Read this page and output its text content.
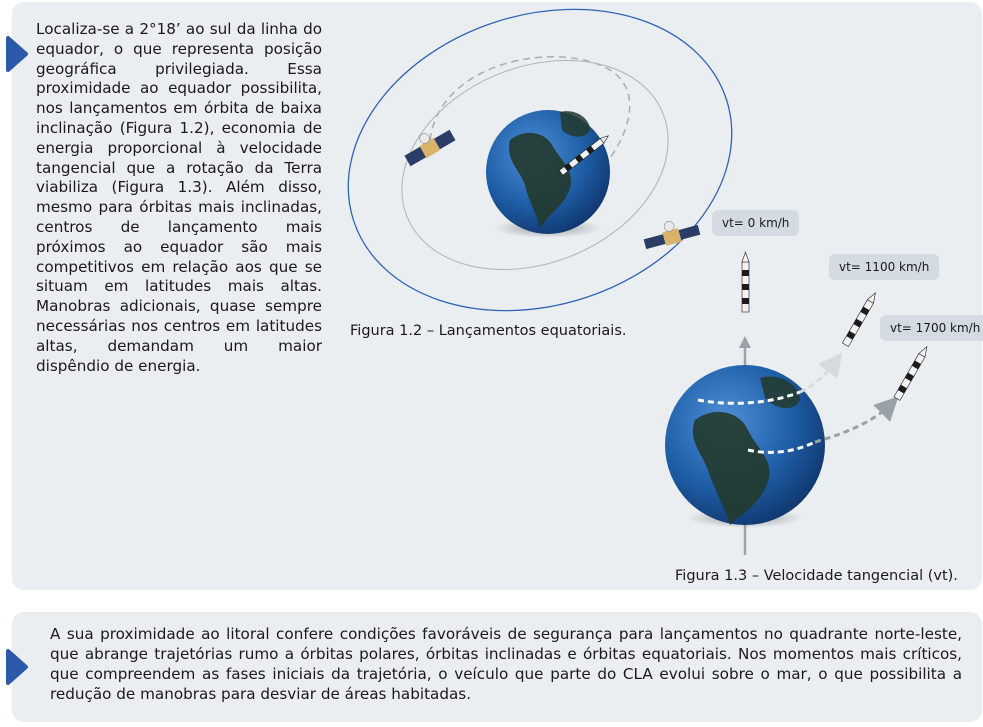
Localiza-se a 2°18’ ao sul da linha do equador, o que representa posição geográfica privilegiada. Essa proximidade ao equador possibilita, nos lançamentos em órbita de baixa inclinação (Figura 1.2), economia de energia proporcional à velocidade tangencial que a rotação da Terra viabiliza (Figura 1.3). Além disso, mesmo para órbitas mais inclinadas, centros de lançamento mais próximos ao equador são mais competitivos em relação aos que se situam em latitudes mais altas. Manobras adicionais, quase sempre necessárias nos centros em latitudes altas, demandam um maior dispêndio de energia.
Figura 1.2 – Lançamentos equatoriais.
Figura 1.3 – Velocidade tangencial (vt).
vt= 0 km/h
vt= 1100 km/h
vt= 1700 km/h
A sua proximidade ao litoral confere condições favoráveis de segurança para lançamentos no quadrante norte-leste, que abrange trajetórias rumo a órbitas polares, órbitas inclinadas e órbitas equatoriais. Nos momentos mais críticos, que compreendem as fases iniciais da trajetória, o veículo que parte do CLA evolui sobre o mar, o que possibilita a redução de manobras para desviar de áreas habitadas.
